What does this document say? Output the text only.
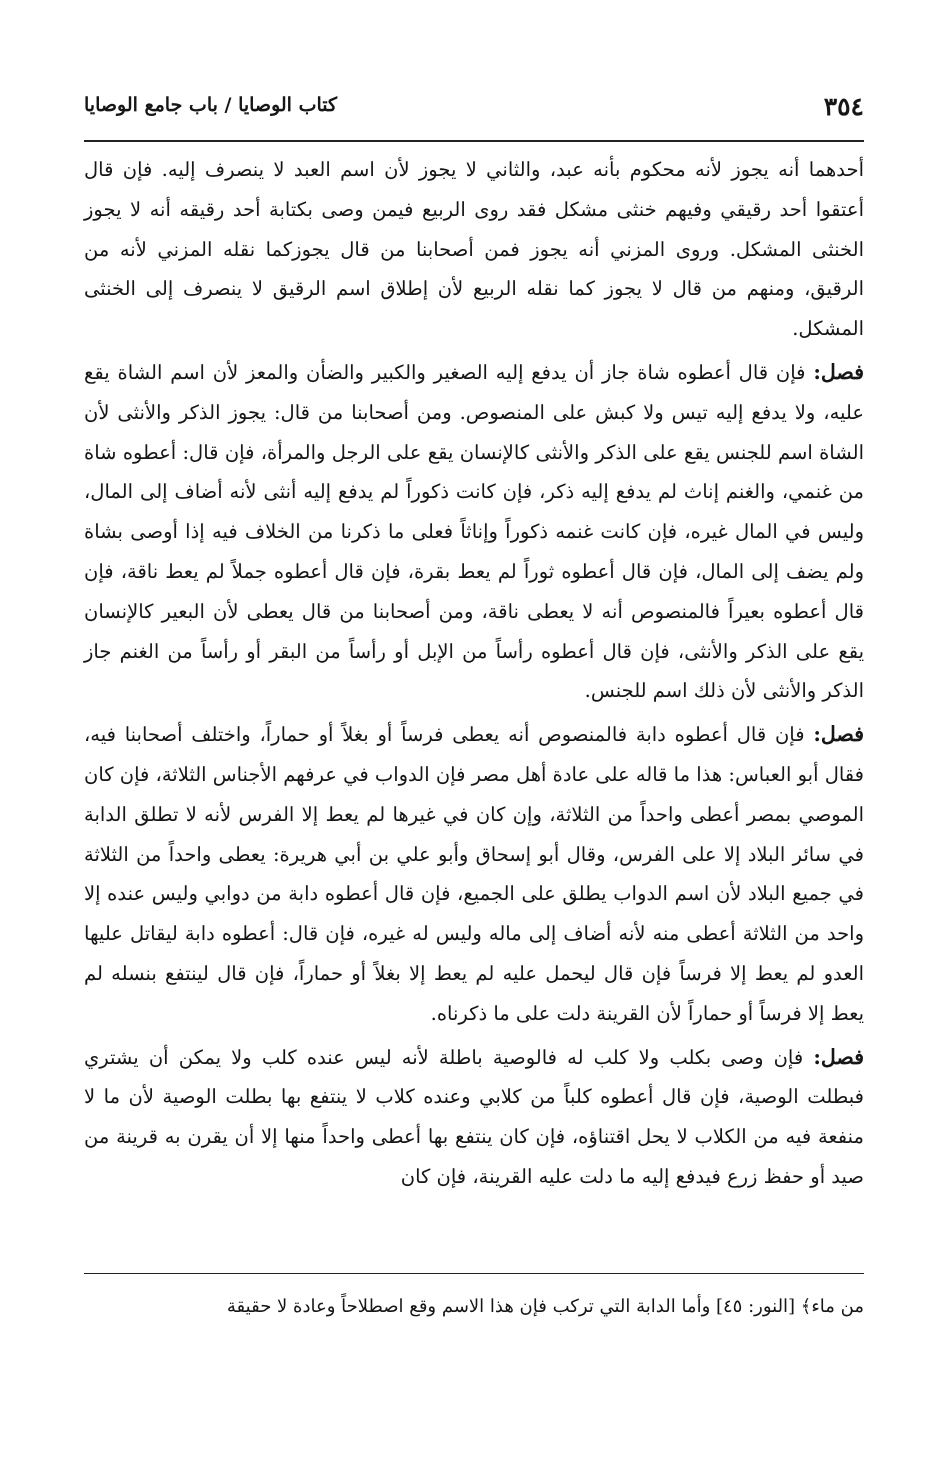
٣٥٤
كتاب الوصايا / باب جامع الوصايا

أحدهما أنه يجوز لأنه محكوم بأنه عبد، والثاني لا يجوز لأن اسم العبد لا ينصرف إليه. فإن قال أعتقوا أحد رقيقي وفيهم خنثى مشكل فقد روى الربيع فيمن وصى بكتابة أحد رقيقه أنه لا يجوز الخنثى المشكل. وروى المزني أنه يجوز فمن أصحابنا من قال يجوزكما نقله المزني لأنه من الرقيق، ومنهم من قال لا يجوز كما نقله الربيع لأن إطلاق اسم الرقيق لا ينصرف إلى الخنثى المشكل.

فصل: فإن قال أعطوه شاة جاز أن يدفع إليه الصغير والكبير والضأن والمعز لأن اسم الشاة يقع عليه، ولا يدفع إليه تيس ولا كبش على المنصوص. ومن أصحابنا من قال: يجوز الذكر والأنثى لأن الشاة اسم للجنس يقع على الذكر والأنثى كالإنسان يقع على الرجل والمرأة، فإن قال: أعطوه شاة من غنمي، والغنم إناث لم يدفع إليه ذكر، فإن كانت ذكوراً لم يدفع إليه أنثى لأنه أضاف إلى المال، وليس في المال غيره، فإن كانت غنمه ذكوراً وإناثاً فعلى ما ذكرنا من الخلاف فيه إذا أوصى بشاة ولم يضف إلى المال، فإن قال أعطوه ثوراً لم يعط بقرة، فإن قال أعطوه جملاً لم يعط ناقة، فإن قال أعطوه بعيراً فالمنصوص أنه لا يعطى ناقة، ومن أصحابنا من قال يعطى لأن البعير كالإنسان يقع على الذكر والأنثى، فإن قال أعطوه رأساً من الإبل أو رأساً من البقر أو رأساً من الغنم جاز الذكر والأنثى لأن ذلك اسم للجنس.

فصل: فإن قال أعطوه دابة فالمنصوص أنه يعطى فرساً أو بغلاً أو حماراً، واختلف أصحابنا فيه، فقال أبو العباس: هذا ما قاله على عادة أهل مصر فإن الدواب في عرفهم الأجناس الثلاثة، فإن كان الموصي بمصر أعطى واحداً من الثلاثة، وإن كان في غيرها لم يعط إلا الفرس لأنه لا تطلق الدابة في سائر البلاد إلا على الفرس، وقال أبو إسحاق وأبو علي بن أبي هريرة: يعطى واحداً من الثلاثة في جميع البلاد لأن اسم الدواب يطلق على الجميع، فإن قال أعطوه دابة من دوابي وليس عنده إلا واحد من الثلاثة أعطى منه لأنه أضاف إلى ماله وليس له غيره، فإن قال: أعطوه دابة ليقاتل عليها العدو لم يعط إلا فرساً فإن قال ليحمل عليه لم يعط إلا بغلاً أو حماراً، فإن قال لينتفع بنسله لم يعط إلا فرساً أو حماراً لأن القرينة دلت على ما ذكرناه.

فصل: فإن وصى بكلب ولا كلب له فالوصية باطلة لأنه ليس عنده كلب ولا يمكن أن يشتري فبطلت الوصية، فإن قال أعطوه كلباً من كلابي وعنده كلاب لا ينتفع بها بطلت الوصية لأن ما لا منفعة فيه من الكلاب لا يحل اقتناؤه، فإن كان ينتفع بها أعطى واحداً منها إلا أن يقرن به قرينة من صيد أو حفظ زرع فيدفع إليه ما دلت عليه القرينة، فإن كان

من ماء﴾ [النور: ٤٥] وأما الدابة التي تركب فإن هذا الاسم وقع اصطلاحاً وعادة لا حقيقة
